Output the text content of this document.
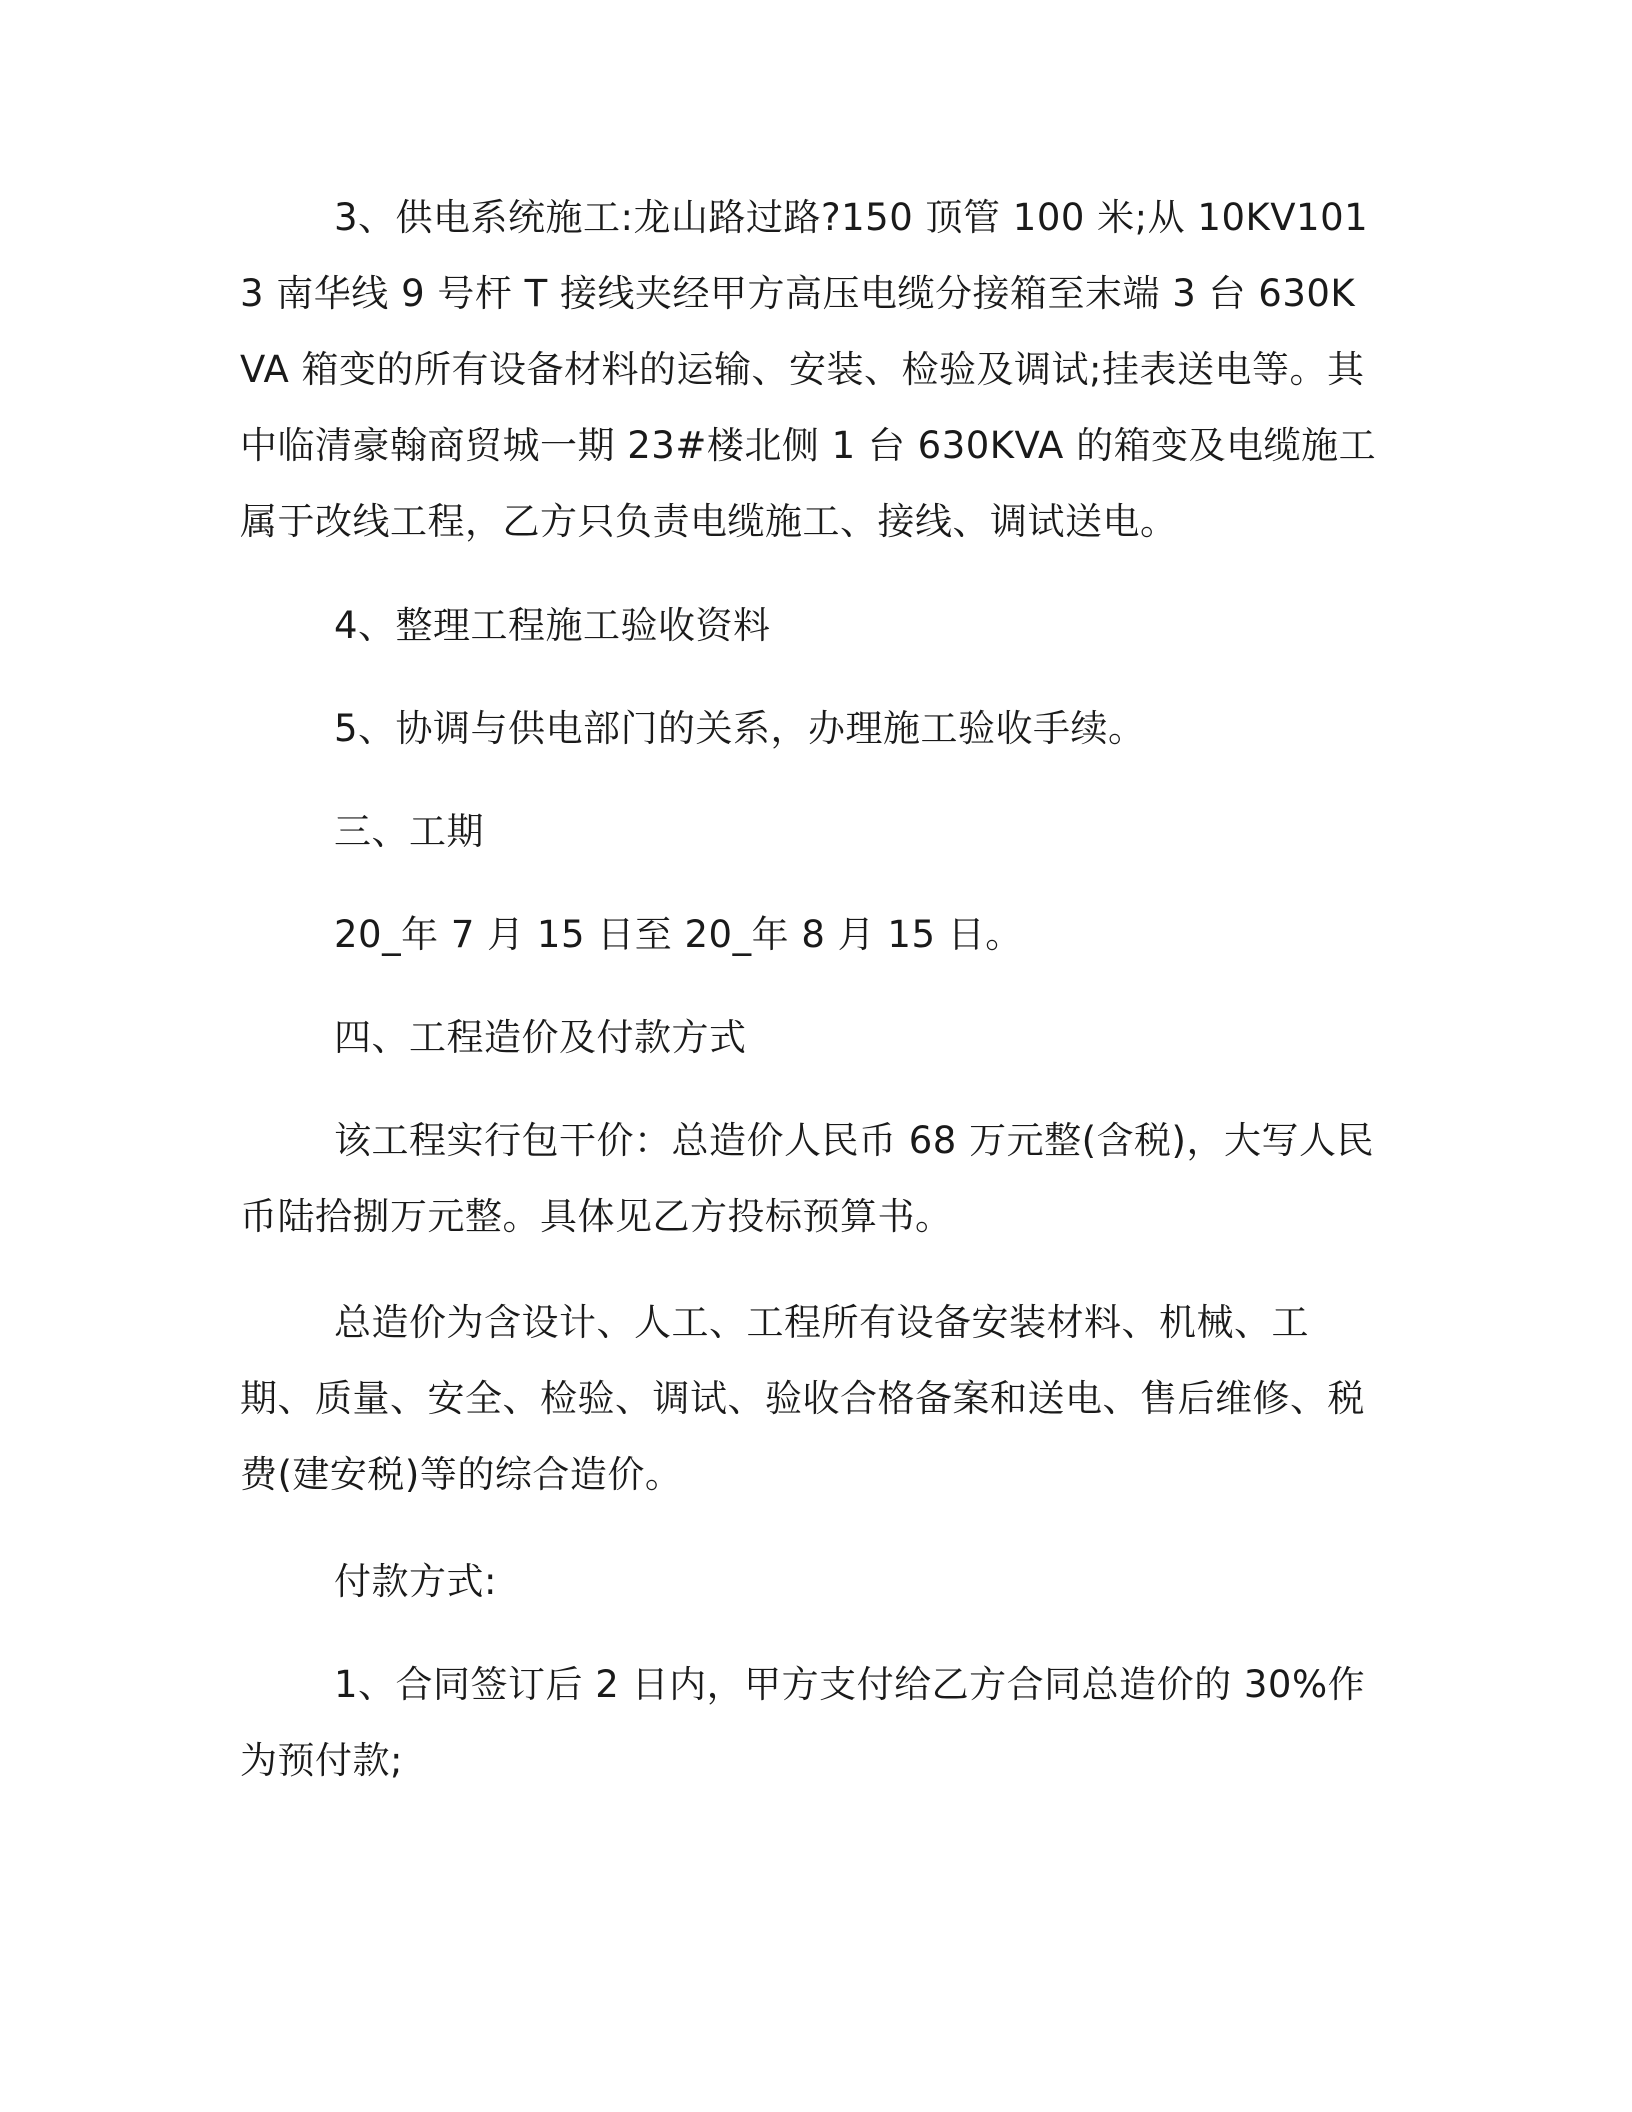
3、供电系统施工:龙山路过路?150 顶管 100 米;从 10KV1013 南华线 9 号杆 T 接线夹经甲方高压电缆分接箱至末端 3 台 630KVA 箱变的所有设备材料的运输、安装、检验及调试;挂表送电等。其中临清豪翰商贸城一期 23#楼北侧 1 台 630KVA 的箱变及电缆施工属于改线工程，乙方只负责电缆施工、接线、调试送电。

4、整理工程施工验收资料

5、协调与供电部门的关系，办理施工验收手续。

三、工期

20_年 7 月 15 日至 20_年 8 月 15 日。

四、工程造价及付款方式

该工程实行包干价：总造价人民币 68 万元整(含税)，大写人民币陆拾捌万元整。具体见乙方投标预算书。

总造价为含设计、人工、工程所有设备安装材料、机械、工期、质量、安全、检验、调试、验收合格备案和送电、售后维修、税费(建安税)等的综合造价。

付款方式:

1、合同签订后 2 日内，甲方支付给乙方合同总造价的 30%作为预付款;
